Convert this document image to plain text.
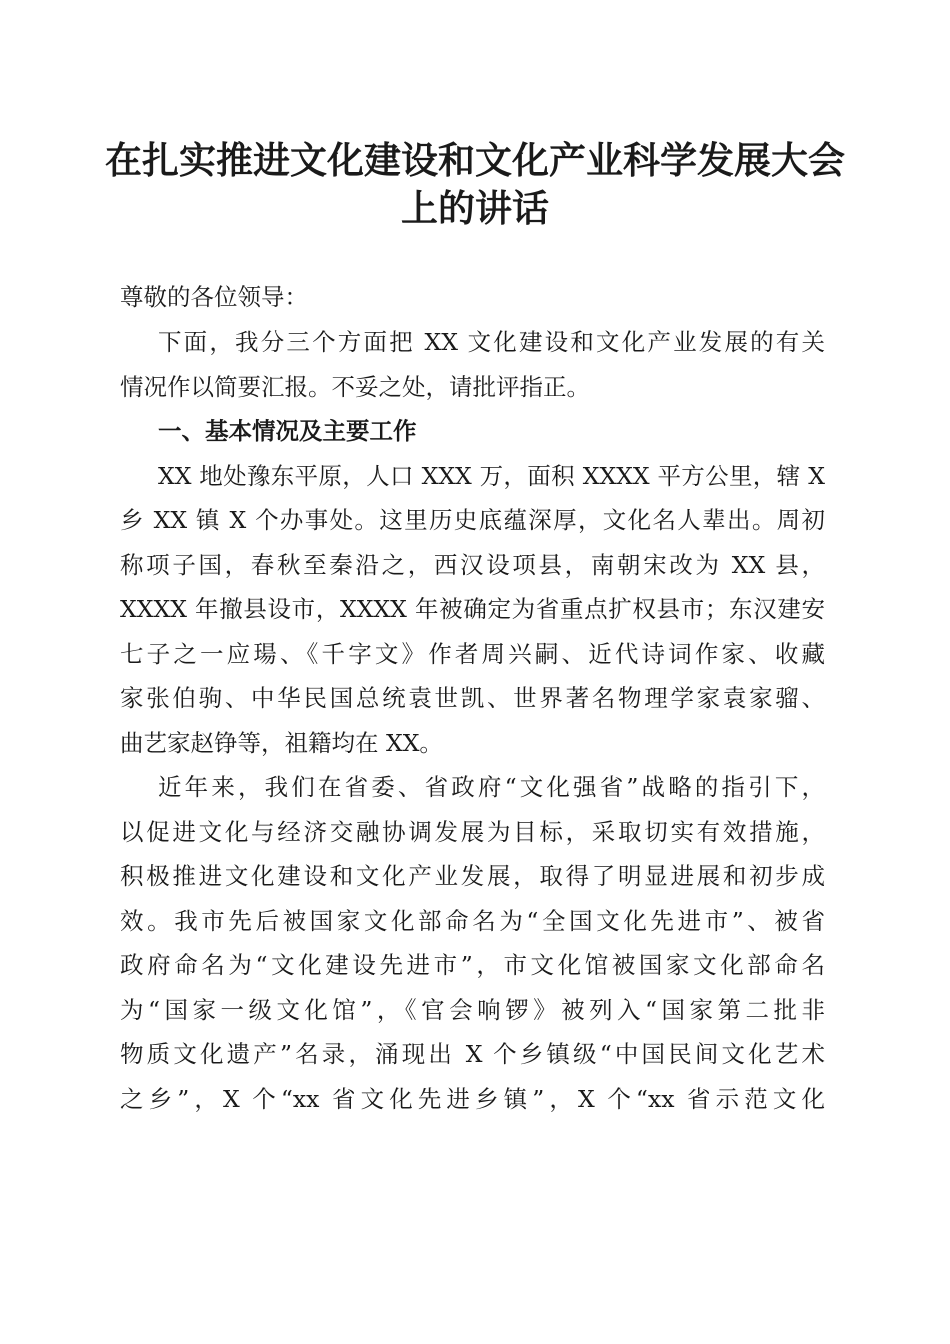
在扎实推进文化建设和文化产业科学发展大会
上的讲话

尊敬的各位领导：

下面，我分三个方面把 XX 文化建设和文化产业发展的有关

情况作以简要汇报。不妥之处，请批评指正。

一、基本情况及主要工作

XX 地处豫东平原，人口 XXX 万，面积 XXXX 平方公里，辖 X

乡 XX 镇 X 个办事处。这里历史底蕴深厚，文化名人辈出。周初

称项子国，春秋至秦沿之，西汉设项县，南朝宋改为 XX 县，

XXXX 年撤县设市，XXXX 年被确定为省重点扩权县市；东汉建安

七子之一应瑒、《千字文》作者周兴嗣、近代诗词作家、收藏

家张伯驹、中华民国总统袁世凯、世界著名物理学家袁家骝、

曲艺家赵铮等，祖籍均在 XX。

近年来，我们在省委、省政府“文化强省”战略的指引下，

以促进文化与经济交融协调发展为目标，采取切实有效措施，

积极推进文化建设和文化产业发展，取得了明显进展和初步成

效。我市先后被国家文化部命名为“全国文化先进市”、被省

政府命名为“文化建设先进市”，市文化馆被国家文化部命名

为“国家一级文化馆”，《官会响锣》被列入“国家第二批非

物质文化遗产”名录，涌现出 X 个乡镇级“中国民间文化艺术

之乡”，X 个“xx 省文化先进乡镇”，X 个“xx 省示范文化
